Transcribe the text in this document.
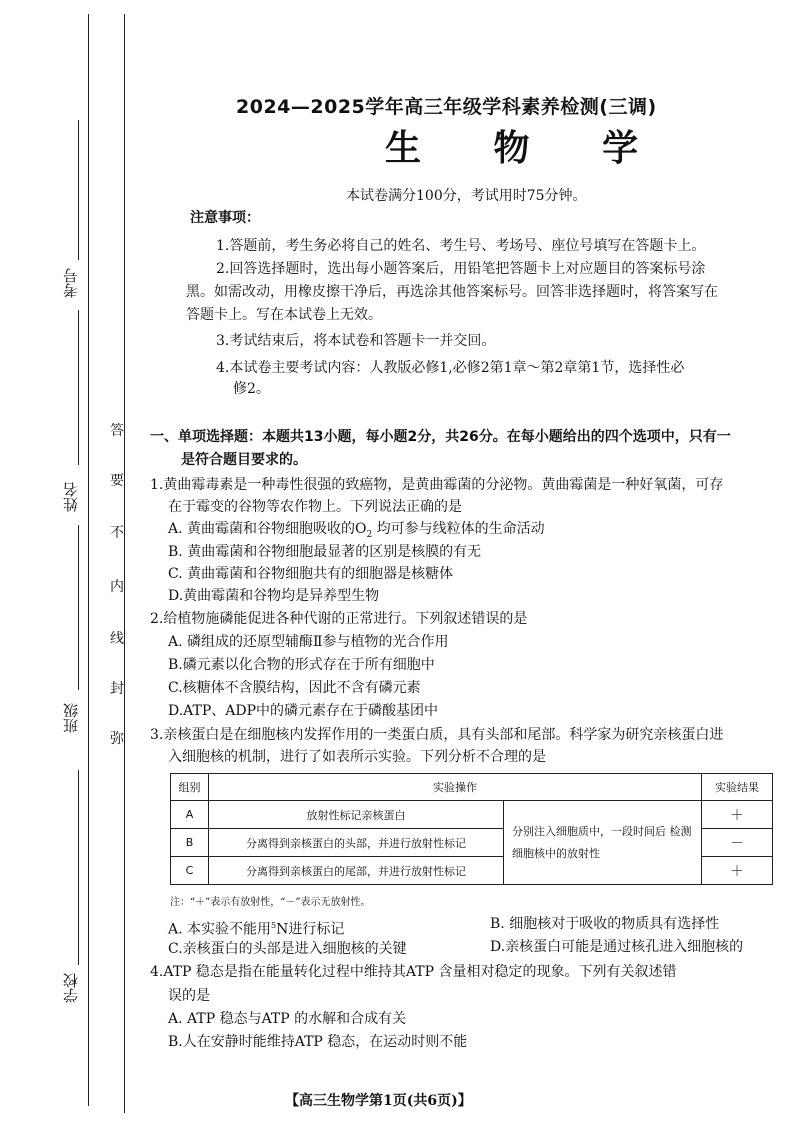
考号
姓名
班级
学校
答
要
不
内
线
封
弥
2024—2025学年高三年级学科素养检测(三调)
生 物 学
本试卷满分100分，考试用时75分钟。
注意事项：
1.答题前，考生务必将自己的姓名、考生号、考场号、座位号填写在答题卡上。
2.回答选择题时，选出每小题答案后，用铅笔把答题卡上对应题目的答案标号涂
黑。如需改动，用橡皮擦干净后，再选涂其他答案标号。回答非选择题时，将答案写在
答题卡上。写在本试卷上无效。
3.考试结束后，将本试卷和答题卡一并交回。
4.本试卷主要考试内容：人教版必修1,必修2第1章～第2章第1节，选择性必
修2。
一、单项选择题：本题共13小题，每小题2分，共26分。在每小题给出的四个选项中，只有一
是符合题目要求的。
1.黄曲霉毒素是一种毒性很强的致癌物，是黄曲霉菌的分泌物。黄曲霉菌是一种好氧菌，可存
在于霉变的谷物等农作物上。下列说法正确的是
A. 黄曲霉菌和谷物细胞吸收的$O_2$ 均可参与线粒体的生命活动
B. 黄曲霉菌和谷物细胞最显著的区别是核膜的有无
C. 黄曲霉菌和谷物细胞共有的细胞器是核糖体
D.黄曲霉菌和谷物均是异养型生物
2.给植物施磷能促进各种代谢的正常进行。下列叙述错误的是
A. 磷组成的还原型辅酶Ⅱ参与植物的光合作用
B.磷元素以化合物的形式存在于所有细胞中
C.核糖体不含膜结构，因此不含有磷元素
D.ATP、ADP中的磷元素存在于磷酸基团中
3.亲核蛋白是在细胞核内发挥作用的一类蛋白质，具有头部和尾部。科学家为研究亲核蛋白进
入细胞核的机制，进行了如表所示实验。下列分析不合理的是
组别	实验操作		实验结果
A	放射性标记亲核蛋白	分别注入细胞质中，一段时间后 检测细胞核中的放射性	＋
B	分离得到亲核蛋白的头部，并进行放射性标记		－
C	分离得到亲核蛋白的尾部，并进行放射性标记		＋
注：“＋”表示有放射性，“－”表示无放射性。
A. 本实验不能用$^5$N进行标记	B. 细胞核对于吸收的物质具有选择性
C.亲核蛋白的头部是进入细胞核的关键	D.亲核蛋白可能是通过核孔进入细胞核的
4.ATP 稳态是指在能量转化过程中维持其ATP 含量相对稳定的现象。下列有关叙述错
误的是
A. ATP 稳态与ATP 的水解和合成有关
B.人在安静时能维持ATP 稳态，在运动时则不能
【高三生物学第1页(共6页)】
